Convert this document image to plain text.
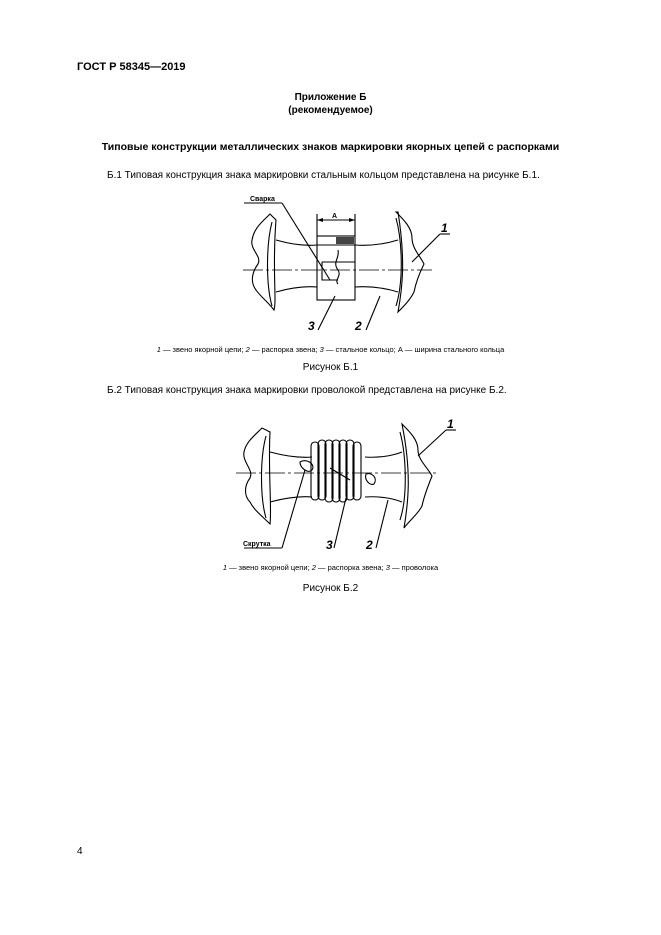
ГОСТ Р 58345—2019
Приложение Б
(рекомендуемое)
Типовые конструкции металлических знаков маркировки якорных цепей с распорками
Б.1 Типовая конструкция знака маркировки стальным кольцом представлена на рисунке Б.1.
Сварка
А
1
3	2
1 — звено якорной цепи; 2 — распорка звена; 3 — стальное кольцо; А — ширина стального кольца
Рисунок Б.1
Б.2 Типовая конструкция знака маркировки проволокой представлена на рисунке Б.2.
Скрутка
1
3	2
1 — звено якорной цепи; 2 — распорка звена; 3 — проволока
Рисунок Б.2
4
